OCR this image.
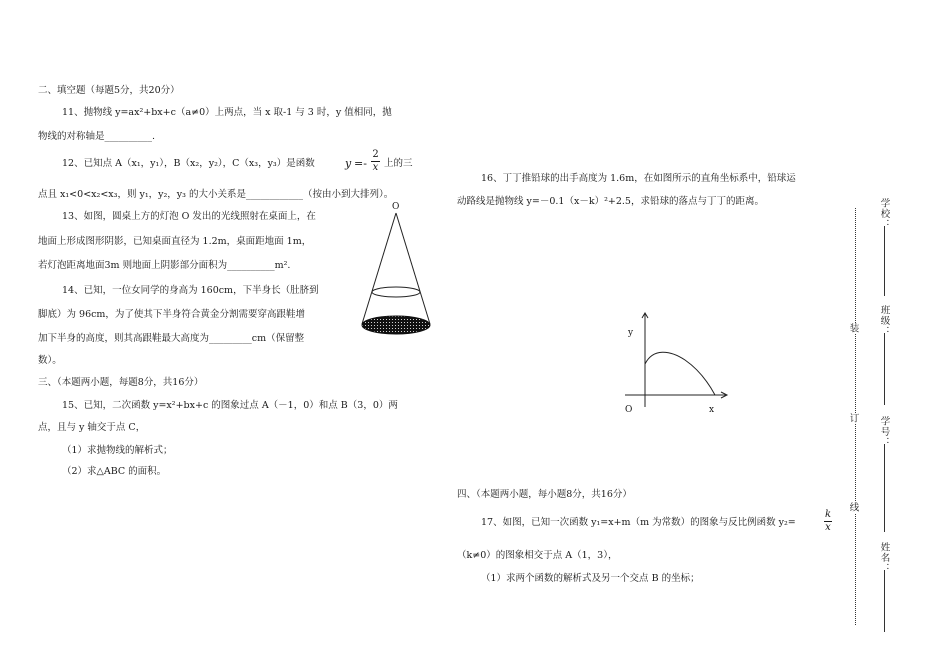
二、填空题（每题5分，共20分）
11、抛物线 y=ax²+bx+c（a≠0）上两点，当 x 取-1 与 3 时，y 值相同，抛
物线的对称轴是__________.
12、已知点 A（x₁，y₁），B（x₂，y₂），C（x₃，y₃）是函数	y =-
2
x 上的三
点且 x₁<0<x₂<x₃，则 y₁，y₂，y₃ 的大小关系是____________（按由小到大排列）。
13、如图，圆桌上方的灯泡 O 发出的光线照射在桌面上，在
地面上形成图形阴影，已知桌面直径为 1.2m，桌面距地面 1m，
若灯泡距离地面3m 则地面上阴影部分面积为__________m².
O
14、已知，一位女同学的身高为 160cm，下半身长（肚脐到
脚底）为 96cm，为了使其下半身符合黄金分割需要穿高跟鞋增
加下半身的高度，则其高跟鞋最大高度为_________cm（保留整
数）。
三、（本题两小题，每题8分，共16分）
15、已知，二次函数 y=x²+bx+c 的图象过点 A（－1，0）和点 B（3，0）两
点，且与 y 轴交于点 C，
（1）求抛物线的解析式；
（2）求△ABC 的面积。
16、丁丁推铅球的出手高度为 1.6m，在如图所示的直角坐标系中，铅球运
动路线是抛物线 y=－0.1（x－k）²+2.5，求铅球的落点与丁丁的距离。
y
O	x
四、（本题两小题，每小题8分，共16分）
17、如图，已知一次函数 y₁=x+m（m 为常数）的图象与反比例函数 y₂=
k
x
（k≠0）的图象相交于点 A（1，3），
（1）求两个函数的解析式及另一个交点 B 的坐标；
装
订
线
学校：
班级：
学号：
姓名：
